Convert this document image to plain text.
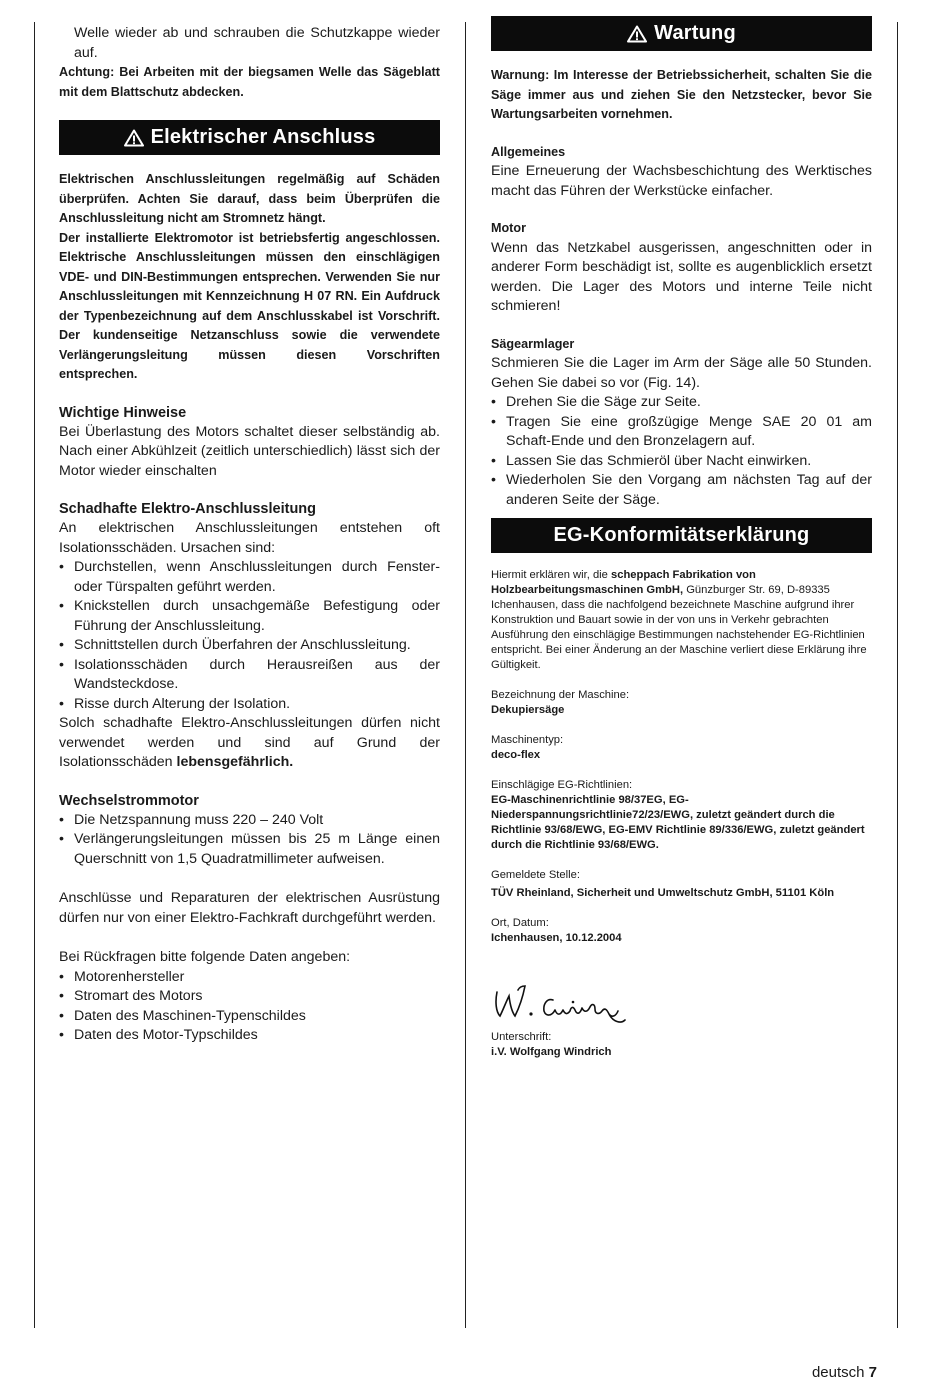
Welle wieder ab und schrauben die Schutzkappe wieder auf.

Achtung: Bei Arbeiten mit der biegsamen Welle das Sägeblatt mit dem Blattschutz abdecken.

Elektrischer Anschluss

Elektrischen Anschlussleitungen regelmäßig auf Schäden überprüfen. Achten Sie darauf, dass beim Überprüfen die Anschlussleitung nicht am Stromnetz hängt.

Der installierte Elektromotor ist betriebsfertig angeschlossen. Elektrische Anschlussleitungen müssen den einschlägigen VDE- und DIN-Bestimmungen entsprechen. Verwenden Sie nur Anschlussleitungen mit Kennzeichnung H 07 RN. Ein Aufdruck der Typenbezeichnung auf dem Anschlusskabel ist Vorschrift. Der kundenseitige Netzanschluss sowie die verwendete Verlängerungsleitung müssen diesen Vorschriften entsprechen.

Wichtige Hinweise

Bei Überlastung des Motors schaltet dieser selbständig ab. Nach einer Abkühlzeit (zeitlich unterschiedlich) lässt sich der Motor wieder einschalten

Schadhafte Elektro-Anschlussleitung

An elektrischen Anschlussleitungen entstehen oft Isolationsschäden. Ursachen sind:

• Durchstellen, wenn Anschlussleitungen durch Fenster- oder Türspalten geführt werden.
• Knickstellen durch unsachgemäße Befestigung oder Führung der Anschlussleitung.
• Schnittstellen durch Überfahren der Anschlussleitung.
• Isolationsschäden durch Herausreißen aus der Wandsteckdose.
• Risse durch Alterung der Isolation.

Solch schadhafte Elektro-Anschlussleitungen dürfen nicht verwendet werden und sind auf Grund der Isolationsschäden lebensgefährlich.

Wechselstrommotor

• Die Netzspannung muss 220 – 240 Volt
• Verlängerungsleitungen müssen bis 25 m Länge einen Querschnitt von 1,5 Quadratmillimeter aufweisen.

Anschlüsse und Reparaturen der elektrischen Ausrüstung dürfen nur von einer Elektro-Fachkraft durchgeführt werden.

Bei Rückfragen bitte folgende Daten angeben:

• Motorenhersteller
• Stromart des Motors
• Daten des Maschinen-Typenschildes
• Daten des Motor-Typschildes
Wartung

Warnung: Im Interesse der Betriebssicherheit, schalten Sie die Säge immer aus und ziehen Sie den Netzstecker, bevor Sie Wartungsarbeiten vornehmen.

Allgemeines

Eine Erneuerung der Wachsbeschichtung des Werktisches macht das Führen der Werkstücke einfacher.

Motor

Wenn das Netzkabel ausgerissen, angeschnitten oder in anderer Form beschädigt ist, sollte es augenblicklich ersetzt werden. Die Lager des Motors und interne Teile nicht schmieren!

Sägearmlager

Schmieren Sie die Lager im Arm der Säge alle 50 Stunden. Gehen Sie dabei so vor (Fig. 14).

• Drehen Sie die Säge zur Seite.
• Tragen Sie eine großzügige Menge SAE 20 01 am Schaft-Ende und den Bronzelagern auf.
• Lassen Sie das Schmieröl über Nacht einwirken.
• Wiederholen Sie den Vorgang am nächsten Tag auf der anderen Seite der Säge.
EG-Konformitätserklärung

Hiermit erklären wir, die scheppach Fabrikation von Holzbearbeitungsmaschinen GmbH, Günzburger Str. 69, D-89335 Ichenhausen, dass die nachfolgend bezeichnete Maschine aufgrund ihrer Konstruktion und Bauart sowie in der von uns in Verkehr gebrachten Ausführung den einschlägige Bestimmungen nachstehender EG-Richtlinien entspricht. Bei einer Änderung an der Maschine verliert diese Erklärung ihre Gültigkeit.

Bezeichnung der Maschine:

Dekupiersäge

Maschinentyp:

deco-flex

Einschlägige EG-Richtlinien:

EG-Maschinenrichtlinie 98/37EG, EG-Niederspannungsrichtlinie72/23/EWG, zuletzt geändert durch die Richtlinie 93/68/EWG, EG-EMV Richtlinie 89/336/EWG, zuletzt geändert durch die Richtlinie 93/68/EWG.

Gemeldete Stelle:

TÜV Rheinland, Sicherheit und Umweltschutz GmbH, 51101 Köln

Ort, Datum:

Ichenhausen, 10.12.2004

Unterschrift:

i.V. Wolfgang Windrich

deutsch 7
